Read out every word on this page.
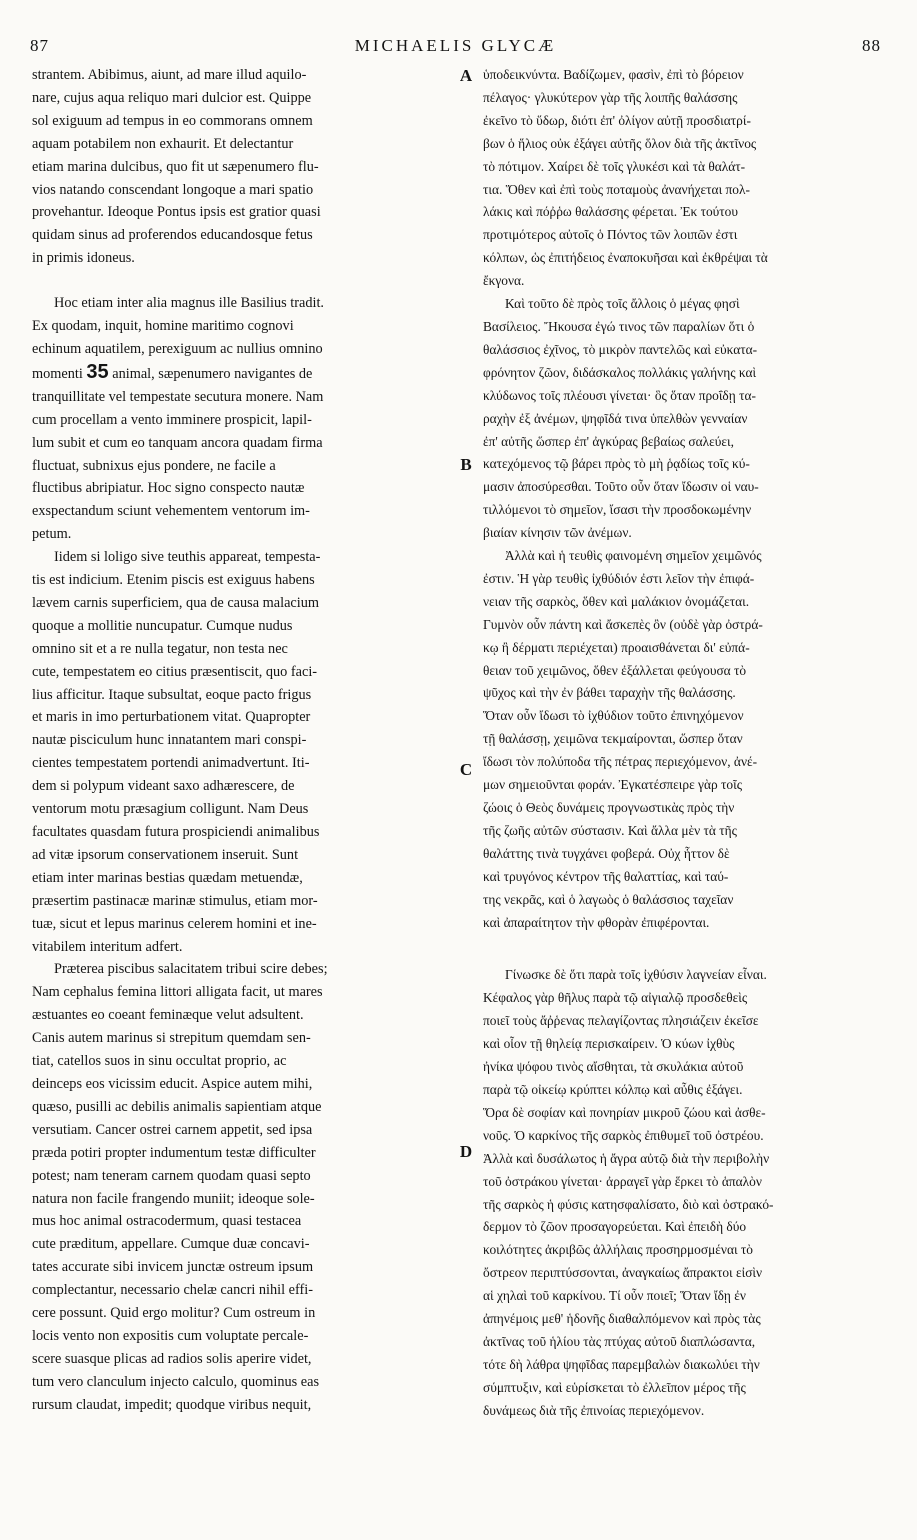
87	MICHAELIS GLYCÆ	88

strantem. Abibimus, aiunt, ad mare illud aquilo-
nare, cujus aqua reliquo mari dulcior est. Quippe
sol exiguum ad tempus in eo commorans omnem
aquam potabilem non exhaurit. Et delectantur
etiam marina dulcibus, quo fit ut sæpenumero flu-
vios natando conscendant longoque a mari spatio
provehantur. Ideoque Pontus ipsis est gratior quasi
quidam sinus ad proferendos educandosque fetus
in primis idoneus.

Hoc etiam inter alia magnus ille Basilius tradit.
Ex quodam, inquit, homine maritimo cognovi
echinum aquatilem, perexiguum ac nullius omnino
momenti 35 animal, sæpenumero navigantes de
tranquillitate vel tempestate secutura monere. Nam
cum procellam a vento imminere prospicit, lapil-
lum subit et cum eo tanquam ancora quadam firma
fluctuat, subnixus ejus pondere, ne facile a
fluctibus abripiatur. Hoc signo conspecto nautæ
exspectandum sciunt vehementem ventorum im-
petum.

Iidem si loligo sive teuthis appareat, tempesta-
tis est indicium. Etenim piscis est exiguus habens
lævem carnis superficiem, qua de causa malacium
quoque a mollitie nuncupatur. Cumque nudus
omnino sit et a re nulla tegatur, non testa nec
cute, tempestatem eo citius præsentiscit, quo faci-
lius afficitur. Itaque subsultat, eoque pacto frigus
et maris in imo perturbationem vitat. Quapropter
nautæ pisciculum hunc innatantem mari conspi-
cientes tempestatem portendi animadvertunt. Iti-
dem si polypum videant saxo adhærescere, de
ventorum motu præsagium colligunt. Nam Deus
facultates quasdam futura prospiciendi animalibus
ad vitæ ipsorum conservationem inseruit. Sunt
etiam inter marinas bestias quædam metuendæ,
præsertim pastinacæ marinæ stimulus, etiam mor-
tuæ, sicut et lepus marinus celerem homini et ine-
vitabilem interitum adfert.

Præterea piscibus salacitatem tribui scire debes;
Nam cephalus femina littori alligata facit, ut mares
æstuantes eo coeant feminæque velut adsultent.
Canis autem marinus si strepitum quemdam sen-
tiat, catellos suos in sinu occultat proprio, ac
deinceps eos vicissim educit. Aspice autem mihi,
quæso, pusilli ac debilis animalis sapientiam atque
versutiam. Cancer ostrei carnem appetit, sed ipsa
præda potiri propter indumentum testæ difficulter
potest; nam teneram carnem quodam quasi septo
natura non facile frangendo muniit; ideoque sole-
mus hoc animal ostracodermum, quasi testacea
cute præditum, appellare. Cumque duæ concavi-
tates accurate sibi invicem junctæ ostreum ipsum
complectantur, necessario chelæ cancri nihil effi-
cere possunt. Quid ergo molitur? Cum ostreum in
locis vento non expositis cum voluptate percale-
scere suasque plicas ad radios solis aperire videt,
tum vero clanculum injecto calculo, quominus eas
rursum claudat, impedit; quodque viribus nequit,

A
B
C
D

ὑποδεικνύντα. Βαδίζωμεν, φασὶν, ἐπὶ τὸ βόρειον
πέλαγος· γλυκύτερον γὰρ τῆς λοιπῆς θαλάσσης
ἐκεῖνο τὸ ὕδωρ, διότι ἐπ' ὀλίγον αὐτῇ προσδιατρί-
βων ὁ ἥλιος οὐκ ἐξάγει αὐτῆς ὅλον διὰ τῆς ἀκτῖνος
τὸ πότιμον. Χαίρει δὲ τοῖς γλυκέσι καὶ τὰ θαλάτ-
τια. Ὅθεν καὶ ἐπὶ τοὺς ποταμοὺς ἀνανήχεται πολ-
λάκις καὶ πόῤῥω θαλάσσης φέρεται. Ἐκ τούτου
προτιμότερος αὐτοῖς ὁ Πόντος τῶν λοιπῶν ἐστι
κόλπων, ὡς ἐπιτήδειος ἐναποκυῆσαι καὶ ἐκθρέψαι τὰ
ἔκγονα.

Καὶ τοῦτο δὲ πρὸς τοῖς ἄλλοις ὁ μέγας φησὶ
Βασίλειος. Ἤκουσα ἐγώ τινος τῶν παραλίων ὅτι ὁ
θαλάσσιος ἐχῖνος, τὸ μικρὸν παντελῶς καὶ εὐκατα-
φρόνητον ζῶον, διδάσκαλος πολλάκις γαλήνης καὶ
κλύδωνος τοῖς πλέουσι γίνεται· ὃς ὅταν προΐδῃ τα-
ραχὴν ἐξ ἀνέμων, ψηφῖδά τινα ὑπελθὼν γενναίαν
ἐπ' αὐτῆς ὥσπερ ἐπ' ἀγκύρας βεβαίως σαλεύει,
κατεχόμενος τῷ βάρει πρὸς τὸ μὴ ῥᾳδίως τοῖς κύ-
μασιν ἀποσύρεσθαι. Τοῦτο οὖν ὅταν ἴδωσιν οἱ ναυ-
τιλλόμενοι τὸ σημεῖον, ἴσασι τὴν προσδοκωμένην
βιαίαν κίνησιν τῶν ἀνέμων.

Ἀλλὰ καὶ ἡ τευθὶς φαινομένη σημεῖον χειμῶνός
ἐστιν. Ἡ γὰρ τευθὶς ἰχθύδιόν ἐστι λεῖον τὴν ἐπιφά-
νειαν τῆς σαρκὸς, ὅθεν καὶ μαλάκιον ὀνομάζεται.
Γυμνὸν οὖν πάντη καὶ ἄσκεπὲς ὂν (οὐδὲ γὰρ ὀστρά-
κῳ ἢ δέρματι περιέχεται) προαισθάνεται δι' εὐπά-
θειαν τοῦ χειμῶνος, ὅθεν ἐξάλλεται φεύγουσα τὸ
ψῦχος καὶ τὴν ἐν βάθει ταραχὴν τῆς θαλάσσης.
Ὅταν οὖν ἴδωσι τὸ ἰχθύδιον τοῦτο ἐπινηχόμενον
τῇ θαλάσσῃ, χειμῶνα τεκμαίρονται, ὥσπερ ὅταν
ἴδωσι τὸν πολύποδα τῆς πέτρας περιεχόμενον, ἀνέ-
μων σημειοῦνται φοράν. Ἐγκατέσπειρε γὰρ τοῖς
ζώοις ὁ Θεὸς δυνάμεις προγνωστικὰς πρὸς τὴν
τῆς ζωῆς αὐτῶν σύστασιν. Καὶ ἄλλα μὲν τὰ τῆς
θαλάττης τινὰ τυγχάνει φοβερά. Οὐχ ἧττον δὲ
καὶ τρυγόνος κέντρον τῆς θαλαττίας, καὶ ταύ-
της νεκρᾶς, καὶ ὁ λαγωὸς ὁ θαλάσσιος ταχεῖαν
καὶ ἀπαραίτητον τὴν φθορὰν ἐπιφέρονται.

Γίνωσκε δὲ ὅτι παρὰ τοῖς ἰχθύσιν λαγνείαν εἶναι.
Κέφαλος γὰρ θῆλυς παρὰ τῷ αἰγιαλῷ προσδεθεὶς
ποιεῖ τοὺς ἄῤῥενας πελαγίζοντας πλησιάζειν ἐκεῖσε
καὶ οἷον τῇ θηλείᾳ περισκαίρειν. Ὁ κύων ἰχθὺς
ἠνίκα ψόφου τινὸς αἴσθηται, τὰ σκυλάκια αὐτοῦ
παρὰ τῷ οἰκείῳ κρύπτει κόλπῳ καὶ αὖθις ἐξάγει.
Ὅρα δὲ σοφίαν καὶ πονηρίαν μικροῦ ζώου καὶ ἀσθε-
νοῦς. Ὁ καρκίνος τῆς σαρκὸς ἐπιθυμεῖ τοῦ ὀστρέου.
Ἀλλὰ καὶ δυσάλωτος ἡ ἄγρα αὐτῷ διὰ τὴν περιβολὴν
τοῦ ὀστράκου γίνεται· ἀρραγεῖ γὰρ ἕρκει τὸ ἁπαλὸν
τῆς σαρκὸς ἡ φύσις κατησφαλίσατο, διὸ καὶ ὀστρακό-
δερμον τὸ ζῶον προσαγορεύεται. Καὶ ἐπειδὴ δύο
κοιλότητες ἀκριβῶς ἀλλήλαις προσηρμοσμέναι τὸ
ὄστρεον περιπτύσσονται, ἀναγκαίως ἄπρακτοι εἰσὶν
αἱ χηλαὶ τοῦ καρκίνου. Τί οὖν ποιεῖ; Ὅταν ἴδῃ ἐν
ἀπηνέμοις μεθ' ἡδονῆς διαθαλπόμενον καὶ πρὸς τὰς
ἀκτῖνας τοῦ ἡλίου τὰς πτύχας αὐτοῦ διαπλώσαντα,
τότε δὴ λάθρα ψηφῖδας παρεμβαλὼν διακωλύει τὴν
σύμπτυξιν, καὶ εὑρίσκεται τὸ ἐλλεῖπον μέρος τῆς
δυνάμεως διὰ τῆς ἐπινοίας περιεχόμενον.
